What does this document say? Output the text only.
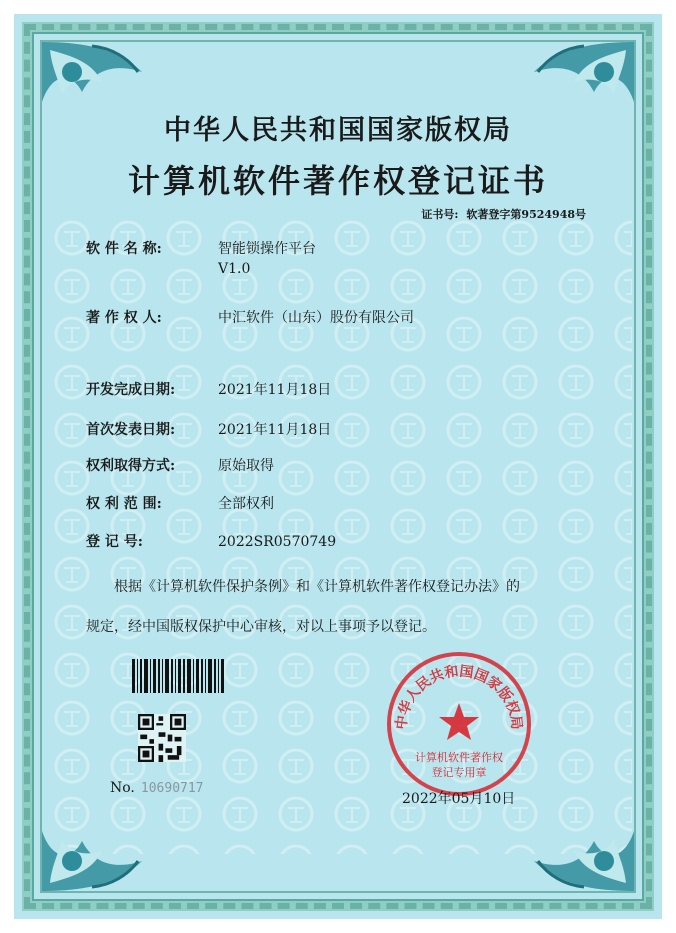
中华人民共和国国家版权局
计算机软件著作权登记证书
证书号: 软著登字第9524948号
软 件 名 称:	智能锁操作平台
V1.0
著 作 权 人:	中汇软件（山东）股份有限公司
开发完成日期:	2021年11月18日
首次发表日期:	2021年11月18日
权利取得方式:	原始取得
权 利 范 围:	全部权利
登 记 号:	2022SR0570749
根据《计算机软件保护条例》和《计算机软件著作权登记办法》的
规定，经中国版权保护中心审核，对以上事项予以登记。
No. 10690717
中华人民共和国国家版权局
计算机软件著作权
登记专用章
2022年05月10日
